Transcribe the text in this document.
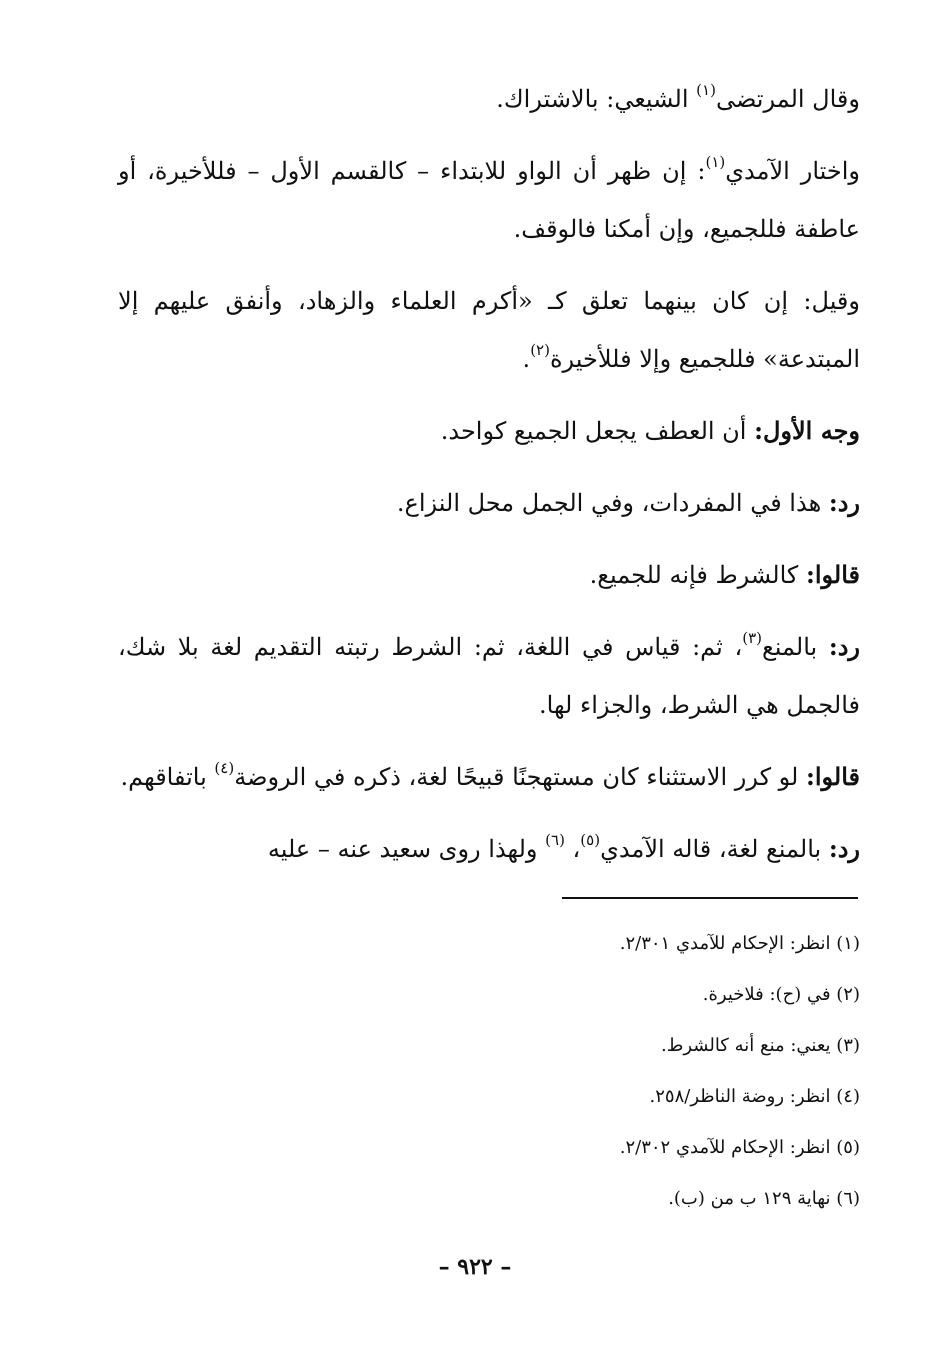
وقال المرتضى$^{(١)}$ الشيعي: بالاشتراك.

واختار الآمدي$^{(١)}$: إن ظهر أن الواو للابتداء – كالقسم الأول – فللأخيرة، أو عاطفة فللجميع، وإن أمكنا فالوقف.

وقيل: إن كان بينهما تعلق كـ «أكرم العلماء والزهاد، وأنفق عليهم إلا المبتدعة» فللجميع وإلا فللأخيرة$^{(٢)}$.

وجه الأول: أن العطف يجعل الجميع كواحد.

رد: هذا في المفردات، وفي الجمل محل النزاع.

قالوا: كالشرط فإنه للجميع.

رد: بالمنع$^{(٣)}$، ثم: قياس في اللغة، ثم: الشرط رتبته التقديم لغة بلا شك، فالجمل هي الشرط، والجزاء لها.

قالوا: لو كرر الاستثناء كان مستهجنًا قبيحًا لغة، ذكره في الروضة$^{(٤)}$ باتفاقهم.

رد: بالمنع لغة، قاله الآمدي$^{(٥)}$، $^{(٦)}$ ولهذا روى سعيد عنه – عليه

(١) انظر: الإحكام للآمدي ٢/٣٠١.

(٢) في (ح): فلاخيرة.

(٣) يعني: منع أنه كالشرط.

(٤) انظر: روضة الناظر/٢٥٨.

(٥) انظر: الإحكام للآمدي ٢/٣٠٢.

(٦) نهاية ١٢٩ ب من (ب).

– ٩٢٢ –
